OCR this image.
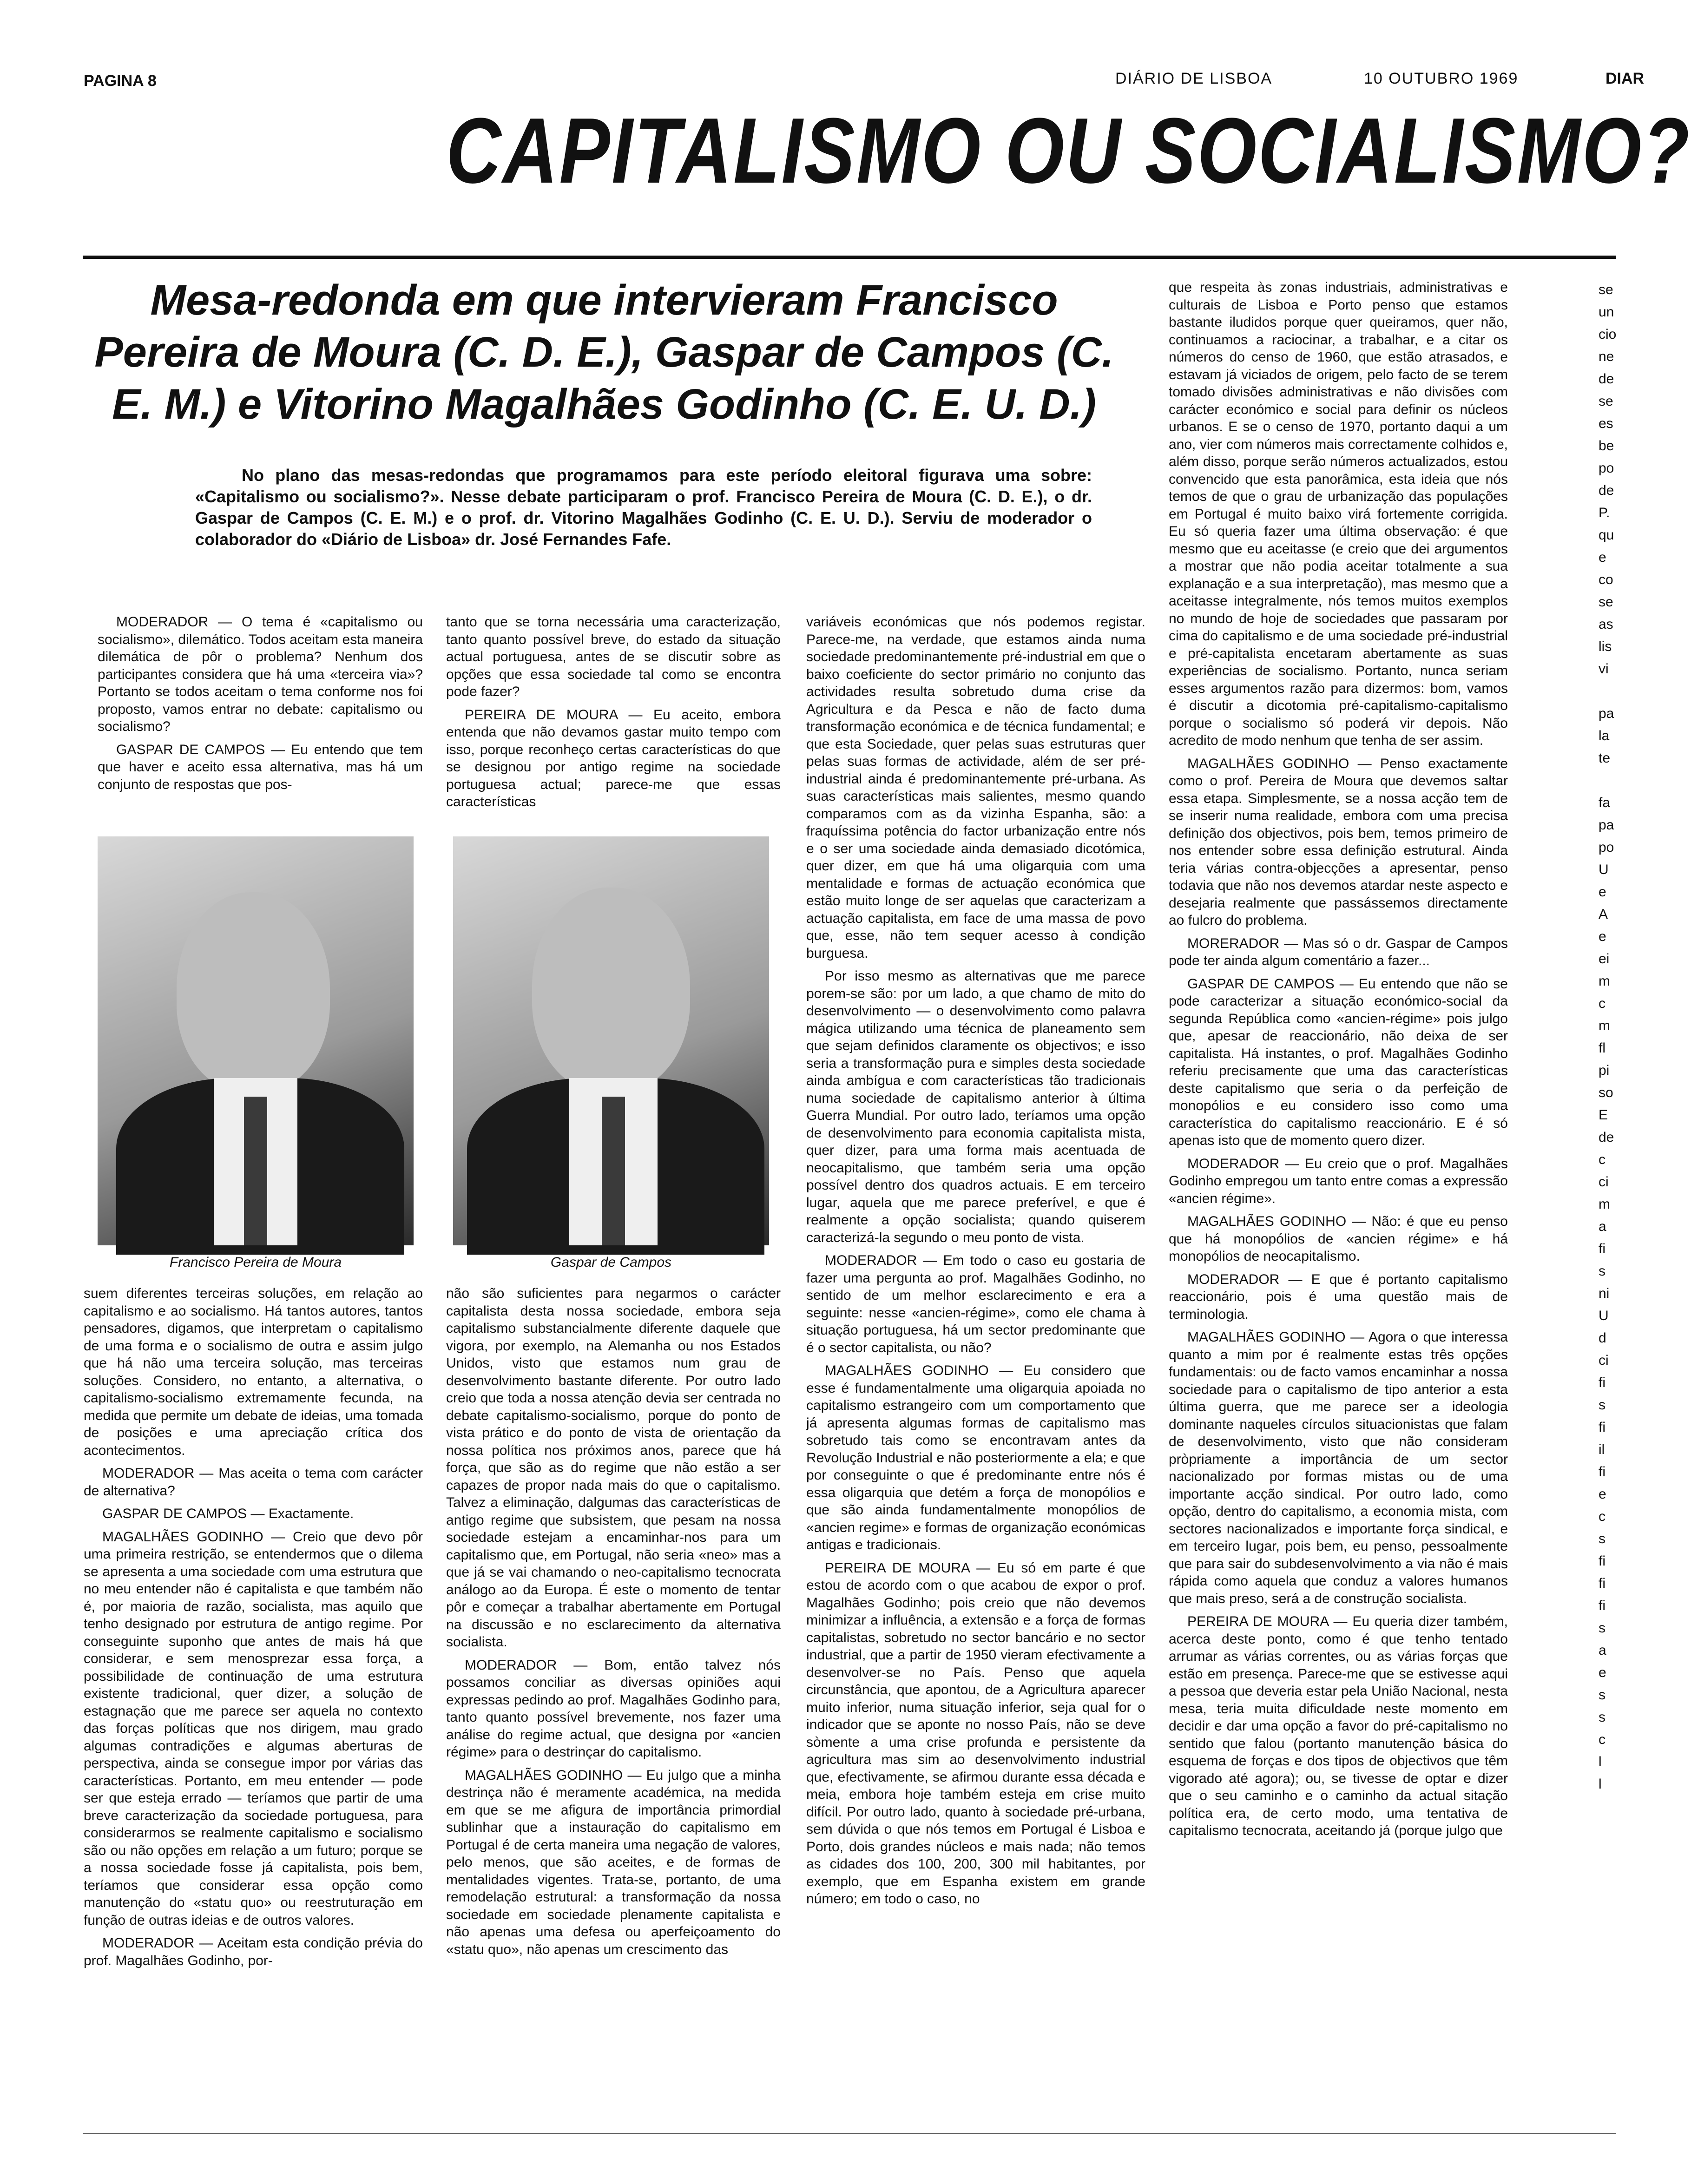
PAGINA 8	DIÁRIO DE LISBOA	10 OUTUBRO 1969	DIAR
CAPITALISMO OU SOCIALISMO?
Mesa-redonda em que intervieram Francisco Pereira de Moura (C. D. E.), Gaspar de Campos (C. E. M.) e Vitorino Magalhães Godinho (C. E. U. D.)
No plano das mesas-redondas que programamos para este período eleitoral figurava uma sobre: «Capitalismo ou socialismo?». Nesse debate participaram o prof. Francisco Pereira de Moura (C. D. E.), o dr. Gaspar de Campos (C. E. M.) e o prof. dr. Vitorino Magalhães Godinho (C. E. U. D.). Serviu de moderador o colaborador do «Diário de Lisboa» dr. José Fernandes Fafe.

MODERADOR — O tema é «capitalismo ou socialismo», dilemático. Todos aceitam esta maneira dilemática de pôr o problema? Nenhum dos participantes considera que há uma «terceira via»? Portanto se todos aceitam o tema conforme nos foi proposto, vamos entrar no debate: capitalismo ou socialismo?

GASPAR DE CAMPOS — Eu entendo que tem que haver e aceito essa alternativa, mas há um conjunto de respostas que pos-

tanto que se torna necessária uma caracterização, tanto quanto possível breve, do estado da situação actual portuguesa, antes de se discutir sobre as opções que essa sociedade tal como se encontra pode fazer?

PEREIRA DE MOURA — Eu aceito, embora entenda que não devamos gastar muito tempo com isso, porque reconheço certas características do que se designou por antigo regime na sociedade portuguesa actual; parece-me que essas características

Francisco Pereira de Moura	Gaspar de Campos

suem diferentes terceiras soluções, em relação ao capitalismo e ao socialismo. Há tantos autores, tantos pensadores, digamos, que interpretam o capitalismo de uma forma e o socialismo de outra e assim julgo que há não uma terceira solução, mas terceiras soluções. Considero, no entanto, a alternativa, o capitalismo-socialismo extremamente fecunda, na medida que permite um debate de ideias, uma tomada de posições e uma apreciação crítica dos acontecimentos.

MODERADOR — Mas aceita o tema com carácter de alternativa?

GASPAR DE CAMPOS — Exactamente.

MAGALHÃES GODINHO — Creio que devo pôr uma primeira restrição, se entendermos que o dilema se apresenta a uma sociedade com uma estrutura que no meu entender não é capitalista e que também não é, por maioria de razão, socialista, mas aquilo que tenho designado por estrutura de antigo regime. Por conseguinte suponho que antes de mais há que considerar, e sem menosprezar essa força, a possibilidade de continuação de uma estrutura existente tradicional, quer dizer, a solução de estagnação que me parece ser aquela no contexto das forças políticas que nos dirigem, mau grado algumas contradições e algumas aberturas de perspectiva, ainda se consegue impor por várias das características. Portanto, em meu entender — pode ser que esteja errado — teríamos que partir de uma breve caracterização da sociedade portuguesa, para considerarmos se realmente capitalismo e socialismo são ou não opções em relação a um futuro; porque se a nossa sociedade fosse já capitalista, pois bem, teríamos que considerar essa opção como manutenção do «statu quo» ou reestruturação em função de outras ideias e de outros valores.

MODERADOR — Aceitam esta condição prévia do prof. Magalhães Godinho, por-

não são suficientes para negarmos o carácter capitalista desta nossa sociedade, embora seja capitalismo substancialmente diferente daquele que vigora, por exemplo, na Alemanha ou nos Estados Unidos, visto que estamos num grau de desenvolvimento bastante diferente. Por outro lado creio que toda a nossa atenção devia ser centrada no debate capitalismo-socialismo, porque do ponto de vista prático e do ponto de vista de orientação da nossa política nos próximos anos, parece que há força, que são as do regime que não estão a ser capazes de propor nada mais do que o capitalismo. Talvez a eliminação, dalgumas das características de antigo regime que subsistem, que pesam na nossa sociedade estejam a encaminhar-nos para um capitalismo que, em Portugal, não seria «neo» mas a que já se vai chamando o neo-capitalismo tecnocrata análogo ao da Europa. É este o momento de tentar pôr e começar a trabalhar abertamente em Portugal na discussão e no esclarecimento da alternativa socialista.

MODERADOR — Bom, então talvez nós possamos conciliar as diversas opiniões aqui expressas pedindo ao prof. Magalhães Godinho para, tanto quanto possível brevemente, nos fazer uma análise do regime actual, que designa por «ancien régime» para o destrinçar do capitalismo.

MAGALHÃES GODINHO — Eu julgo que a minha destrinça não é meramente académica, na medida em que se me afigura de importância primordial sublinhar que a instauração do capitalismo em Portugal é de certa maneira uma negação de valores, pelo menos, que são aceites, e de formas de mentalidades vigentes. Trata-se, portanto, de uma remodelação estrutural: a transformação da nossa sociedade em sociedade plenamente capitalista e não apenas uma defesa ou aperfeiçoamento do «statu quo», não apenas um crescimento das

variáveis económicas que nós podemos registar. Parece-me, na verdade, que estamos ainda numa sociedade predominantemente pré-industrial em que o baixo coeficiente do sector primário no conjunto das actividades resulta sobretudo duma crise da Agricultura e da Pesca e não de facto duma transformação económica e de técnica fundamental; e que esta Sociedade, quer pelas suas estruturas quer pelas suas formas de actividade, além de ser pré-industrial ainda é predominantemente pré-urbana. As suas características mais salientes, mesmo quando comparamos com as da vizinha Espanha, são: a fraquíssima potência do factor urbanização entre nós e o ser uma sociedade ainda demasiado dicotómica, quer dizer, em que há uma oligarquia com uma mentalidade e formas de actuação económica que estão muito longe de ser aquelas que caracterizam a actuação capitalista, em face de uma massa de povo que, esse, não tem sequer acesso à condição burguesa.

Por isso mesmo as alternativas que me parece porem-se são: por um lado, a que chamo de mito do desenvolvimento — o desenvolvimento como palavra mágica utilizando uma técnica de planeamento sem que sejam definidos claramente os objectivos; e isso seria a transformação pura e simples desta sociedade ainda ambígua e com características tão tradicionais numa sociedade de capitalismo anterior à última Guerra Mundial. Por outro lado, teríamos uma opção de desenvolvimento para economia capitalista mista, quer dizer, para uma forma mais acentuada de neocapitalismo, que também seria uma opção possível dentro dos quadros actuais. E em terceiro lugar, aquela que me parece preferível, e que é realmente a opção socialista; quando quiserem caracterizá-la segundo o meu ponto de vista.

MODERADOR — Em todo o caso eu gostaria de fazer uma pergunta ao prof. Magalhães Godinho, no sentido de um melhor esclarecimento e era a seguinte: nesse «ancien-régime», como ele chama à situação portuguesa, há um sector predominante que é o sector capitalista, ou não?

MAGALHÃES GODINHO — Eu considero que esse é fundamentalmente uma oligarquia apoiada no capitalismo estrangeiro com um comportamento que já apresenta algumas formas de capitalismo mas sobretudo tais como se encontravam antes da Revolução Industrial e não posteriormente a ela; e que por conseguinte o que é predominante entre nós é essa oligarquia que detém a força de monopólios e que são ainda fundamentalmente monopólios de «ancien regime» e formas de organização económicas antigas e tradicionais.

PEREIRA DE MOURA — Eu só em parte é que estou de acordo com o que acabou de expor o prof. Magalhães Godinho; pois creio que não devemos minimizar a influência, a extensão e a força de formas capitalistas, sobretudo no sector bancário e no sector industrial, que a partir de 1950 vieram efectivamente a desenvolver-se no País. Penso que aquela circunstância, que apontou, de a Agricultura aparecer muito inferior, numa situação inferior, seja qual for o indicador que se aponte no nosso País, não se deve sòmente a uma crise profunda e persistente da agricultura mas sim ao desenvolvimento industrial que, efectivamente, se afirmou durante essa década e meia, embora hoje também esteja em crise muito difícil. Por outro lado, quanto à sociedade pré-urbana, sem dúvida o que nós temos em Portugal é Lisboa e Porto, dois grandes núcleos e mais nada; não temos as cidades dos 100, 200, 300 mil habitantes, por exemplo, que em Espanha existem em grande número; em todo o caso, no

que respeita às zonas industriais, administrativas e culturais de Lisboa e Porto penso que estamos bastante iludidos porque quer queiramos, quer não, continuamos a raciocinar, a trabalhar, e a citar os números do censo de 1960, que estão atrasados, e estavam já viciados de origem, pelo facto de se terem tomado divisões administrativas e não divisões com carácter económico e social para definir os núcleos urbanos. E se o censo de 1970, portanto daqui a um ano, vier com números mais correctamente colhidos e, além disso, porque serão números actualizados, estou convencido que esta panorâmica, esta ideia que nós temos de que o grau de urbanização das populações em Portugal é muito baixo virá fortemente corrigida. Eu só queria fazer uma última observação: é que mesmo que eu aceitasse (e creio que dei argumentos a mostrar que não podia aceitar totalmente a sua explanação e a sua interpretação), mas mesmo que a aceitasse integralmente, nós temos muitos exemplos no mundo de hoje de sociedades que passaram por cima do capitalismo e de uma sociedade pré-industrial e pré-capitalista encetaram abertamente as suas experiências de socialismo. Portanto, nunca seriam esses argumentos razão para dizermos: bom, vamos é discutir a dicotomia pré-capitalismo-capitalismo porque o socialismo só poderá vir depois. Não acredito de modo nenhum que tenha de ser assim.

MAGALHÃES GODINHO — Penso exactamente como o prof. Pereira de Moura que devemos saltar essa etapa. Simplesmente, se a nossa acção tem de se inserir numa realidade, embora com uma precisa definição dos objectivos, pois bem, temos primeiro de nos entender sobre essa definição estrutural. Ainda teria várias contra-objecções a apresentar, penso todavia que não nos devemos atardar neste aspecto e desejaria realmente que passássemos directamente ao fulcro do problema.

MORERADOR — Mas só o dr. Gaspar de Campos pode ter ainda algum comentário a fazer...

GASPAR DE CAMPOS — Eu entendo que não se pode caracterizar a situação económico-social da segunda República como «ancien-régime» pois julgo que, apesar de reaccionário, não deixa de ser capitalista. Há instantes, o prof. Magalhães Godinho referiu precisamente que uma das características deste capitalismo que seria o da perfeição de monopólios e eu considero isso como uma característica do capitalismo reaccionário. E é só apenas isto que de momento quero dizer.

MODERADOR — Eu creio que o prof. Magalhães Godinho empregou um tanto entre comas a expressão «ancien régime».

MAGALHÃES GODINHO — Não: é que eu penso que há monopólios de «ancien régime» e há monopólios de neocapitalismo.

MODERADOR — E que é portanto capitalismo reaccionário, pois é uma questão mais de terminologia.

MAGALHÃES GODINHO — Agora o que interessa quanto a mim por é realmente estas três opções fundamentais: ou de facto vamos encaminhar a nossa sociedade para o capitalismo de tipo anterior a esta última guerra, que me parece ser a ideologia dominante naqueles círculos situacionistas que falam de desenvolvimento, visto que não consideram pròpriamente a importância de um sector nacionalizado por formas mistas ou de uma importante acção sindical. Por outro lado, como opção, dentro do capitalismo, a economia mista, com sectores nacionalizados e importante força sindical, e em terceiro lugar, pois bem, eu penso, pessoalmente que para sair do subdesenvolvimento a via não é mais rápida como aquela que conduz a valores humanos que mais preso, será a de construção socialista.

PEREIRA DE MOURA — Eu queria dizer também, acerca deste ponto, como é que tenho tentado arrumar as várias correntes, ou as várias forças que estão em presença. Parece-me que se estivesse aqui a pessoa que deveria estar pela União Nacional, nesta mesa, teria muita dificuldade neste momento em decidir e dar uma opção a favor do pré-capitalismo no sentido que falou (portanto manutenção básica do esquema de forças e dos tipos de objectivos que têm vigorado até agora); ou, se tivesse de optar e dizer que o seu caminho e o caminho da actual sitação política era, de certo modo, uma tentativa de capitalismo tecnocrata, aceitando já (porque julgo que

se
un
cio
ne
de
se
es
be
po
de
P.
qu
e
co
se
as
lis
vi

pa
la
te

fa
pa
po
U
e
A
e
ei
m
c
m
fl
pi
so
E
de
c
ci
m
a
fi
s
ni
U
d
ci
fi
s
fi
il
fi
e
c
s
fi
fi
fi
s
a
e
s
s
c
l
l
